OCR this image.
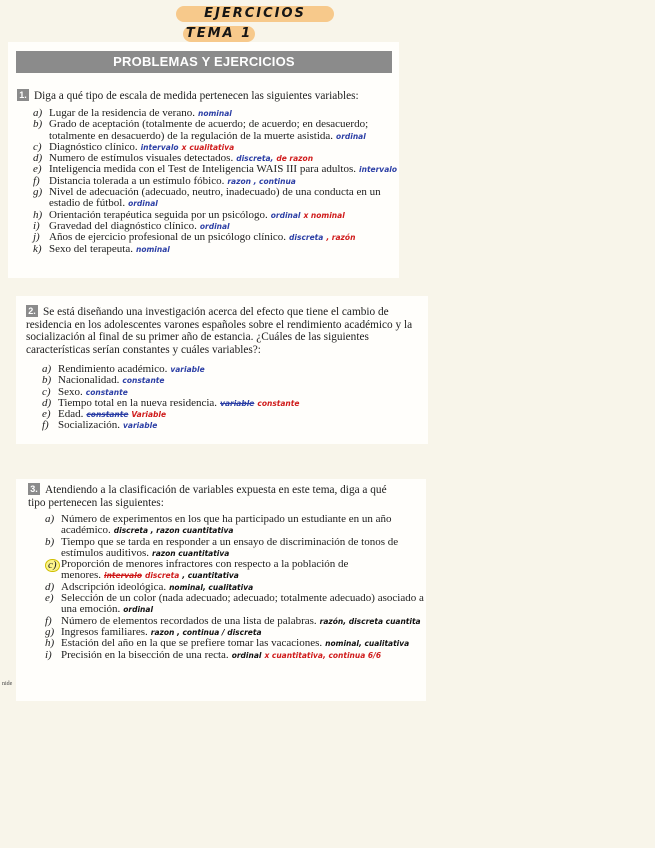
EJERCICIOS
TEMA 1
PROBLEMAS Y EJERCICIOS
1. Diga a qué tipo de escala de medida pertenecen las siguientes variables:
a) Lugar de la residencia de verano. nominal
b) Grado de aceptación (totalmente de acuerdo; de acuerdo; en desacuerdo; totalmente en desacuerdo) de la regulación de la muerte asistida. ordinal
c) Diagnóstico clínico. intervalo x cualitativa
d) Numero de estímulos visuales detectados. discreta, de razon
e) Inteligencia medida con el Test de Inteligencia WAIS III para adultos. intervalo
f) Distancia tolerada a un estímulo fóbico. razon , continua
g) Nivel de adecuación (adecuado, neutro, inadecuado) de una conducta en un estadio de fútbol. ordinal
h) Orientación terapéutica seguida por un psicólogo. ordinal x nominal
i) Gravedad del diagnóstico clínico. ordinal
j) Años de ejercicio profesional de un psicólogo clínico. discreta , razón
k) Sexo del terapeuta. nominal
2. Se está diseñando una investigación acerca del efecto que tiene el cambio de residencia en los adolescentes varones españoles sobre el rendimiento académico y la socialización al final de su primer año de estancia. ¿Cuáles de las siguientes características serían constantes y cuáles variables?:
a) Rendimiento académico. variable
b) Nacionalidad. constante
c) Sexo. constante
d) Tiempo total en la nueva residencia. variable constante
e) Edad. constante Variable
f) Socialización. variable
3. Atendiendo a la clasificación de variables expuesta en este tema, diga a qué tipo pertenecen las siguientes:
a) Número de experimentos en los que ha participado un estudiante en un año académico. discreta , razon cuantitativa
b) Tiempo que se tarda en responder a un ensayo de discriminación de tonos de estímulos auditivos. razon cuantitativa
c) Proporción de menores infractores con respecto a la población de menores. intervalo discreta , cuantitativa
d) Adscripción ideológica. nominal, cualitativa
e) Selección de un color (nada adecuado; adecuado; totalmente adecuado) asociado a una emoción. ordinal
f) Número de elementos recordados de una lista de palabras. razón, discreta cuantita
g) Ingresos familiares. razon , continua / discreta
h) Estación del año en la que se prefiere tomar las vacaciones. nominal, cualitativa
i) Precisión en la bisección de una recta. ordinal x cuantitativa, continua 6/6
nide
